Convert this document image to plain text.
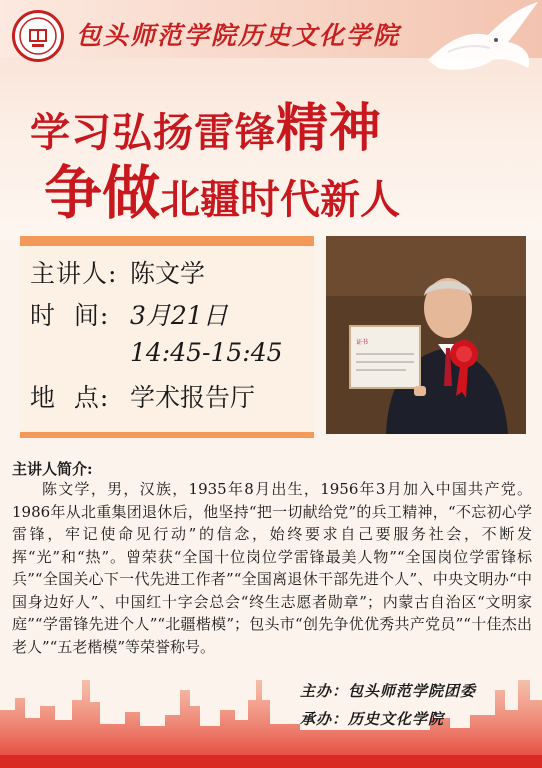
包头师范学院历史文化学院
学习弘扬雷锋精神
争做北疆时代新人
主讲人: 陈文学
时  间: 3月21日
14:45-15:45
地  点: 学术报告厅
证书
主讲人简介:
陈文学，男，汉族，1935年8月出生，1956年3月加入中国共产党。1986年从北重集团退休后，他坚持“把一切献给党”的兵工精神，“不忘初心学雷锋，牢记使命见行动”的信念，始终要求自己要服务社会，不断发挥“光”和“热”。曾荣获“全国十位岗位学雷锋最美人物”“全国岗位学雷锋标兵”“全国关心下一代先进工作者”“全国离退休干部先进个人”、中央文明办“中国身边好人”、中国红十字会总会“终生志愿者勋章”；内蒙古自治区“文明家庭”“学雷锋先进个人”“北疆楷模”；包头市“创先争优优秀共产党员”“十佳杰出老人”“五老楷模”等荣誉称号。
主办：包头师范学院团委
承办：历史文化学院
